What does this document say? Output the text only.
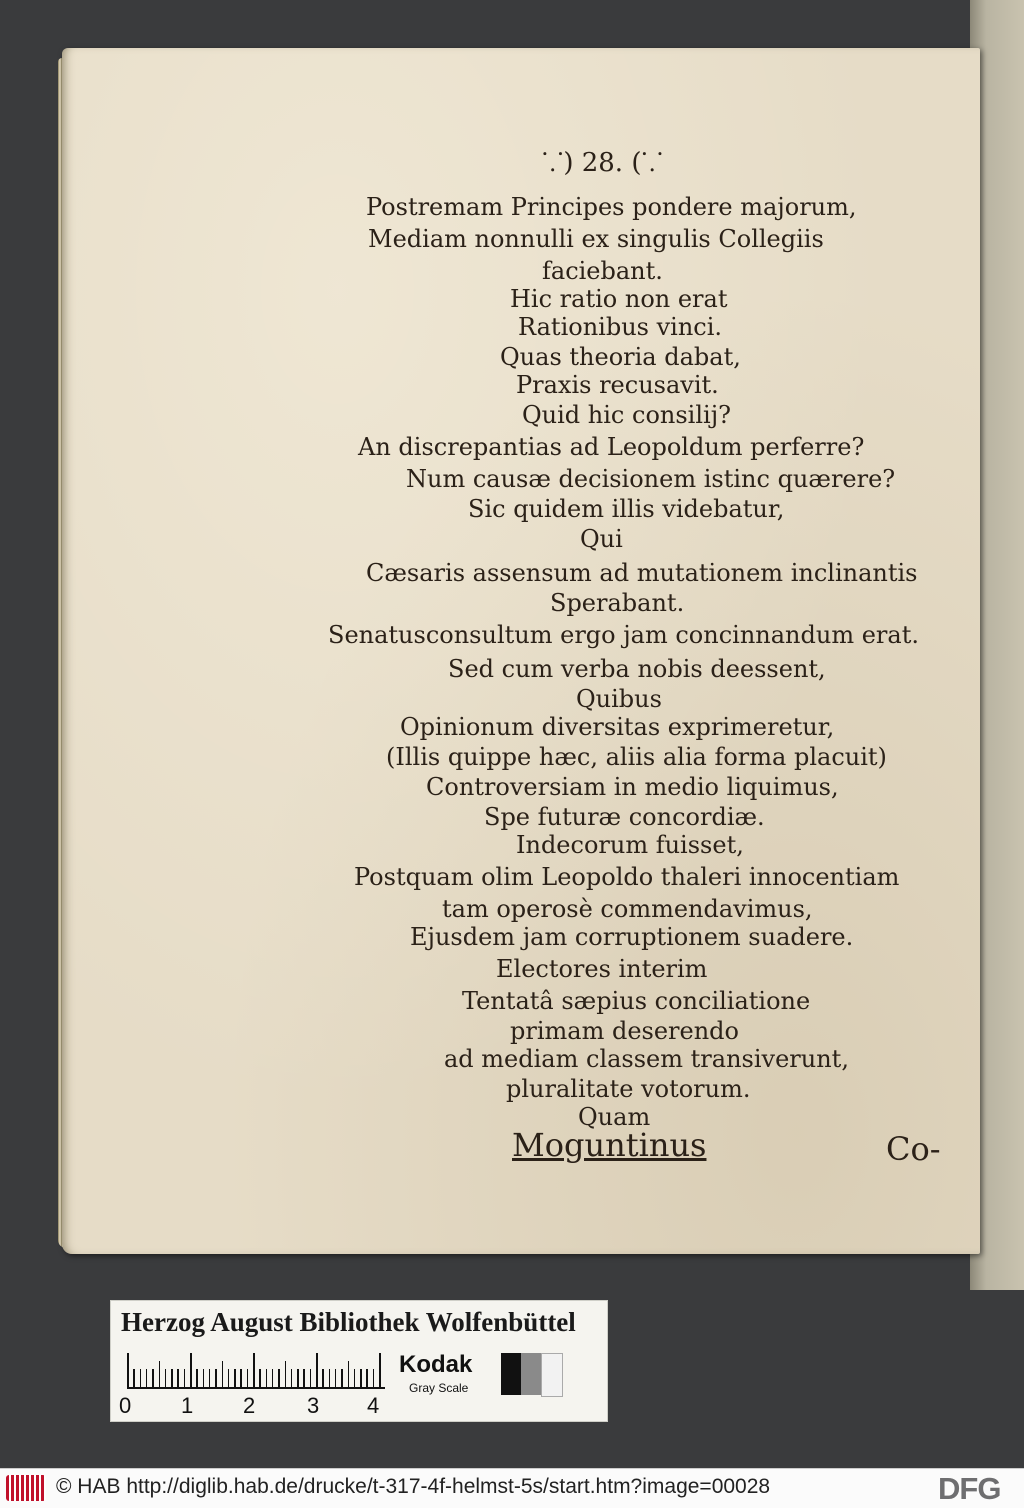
⸪) 28. (⸪
Postremam Principes pondere majorum,
Mediam nonnulli ex singulis Collegiis
faciebant.
Hic ratio non erat
Rationibus vinci.
Quas theoria dabat,
Praxis recusavit.
Quid hic consilij?
An discrepantias ad Leopoldum perferre?
Num causæ decisionem istinc quærere?
Sic quidem illis videbatur,
Qui
Cæsaris assensum ad mutationem inclinantis
Sperabant.
Senatusconsultum ergo jam concinnandum erat.
Sed cum verba nobis deessent,
Quibus
Opinionum diversitas exprimeretur,
(Illis quippe hæc, aliis alia forma placuit)
Controversiam in medio liquimus,
Spe futuræ concordiæ.
Indecorum fuisset,
Postquam olim Leopoldo thaleri innocentiam
tam operosè commendavimus,
Ejusdem jam corruptionem suadere.
Electores interim
Tentatâ sæpius conciliatione
primam deserendo
ad mediam classem transiverunt,
pluralitate votorum.
Quam
Moguntinus	Co-
Herzog August Bibliothek Wolfenbüttel
0 1 2 3 4
Kodak
Gray Scale
© HAB http://diglib.hab.de/drucke/t-317-4f-helmst-5s/start.htm?image=00028	DFG
